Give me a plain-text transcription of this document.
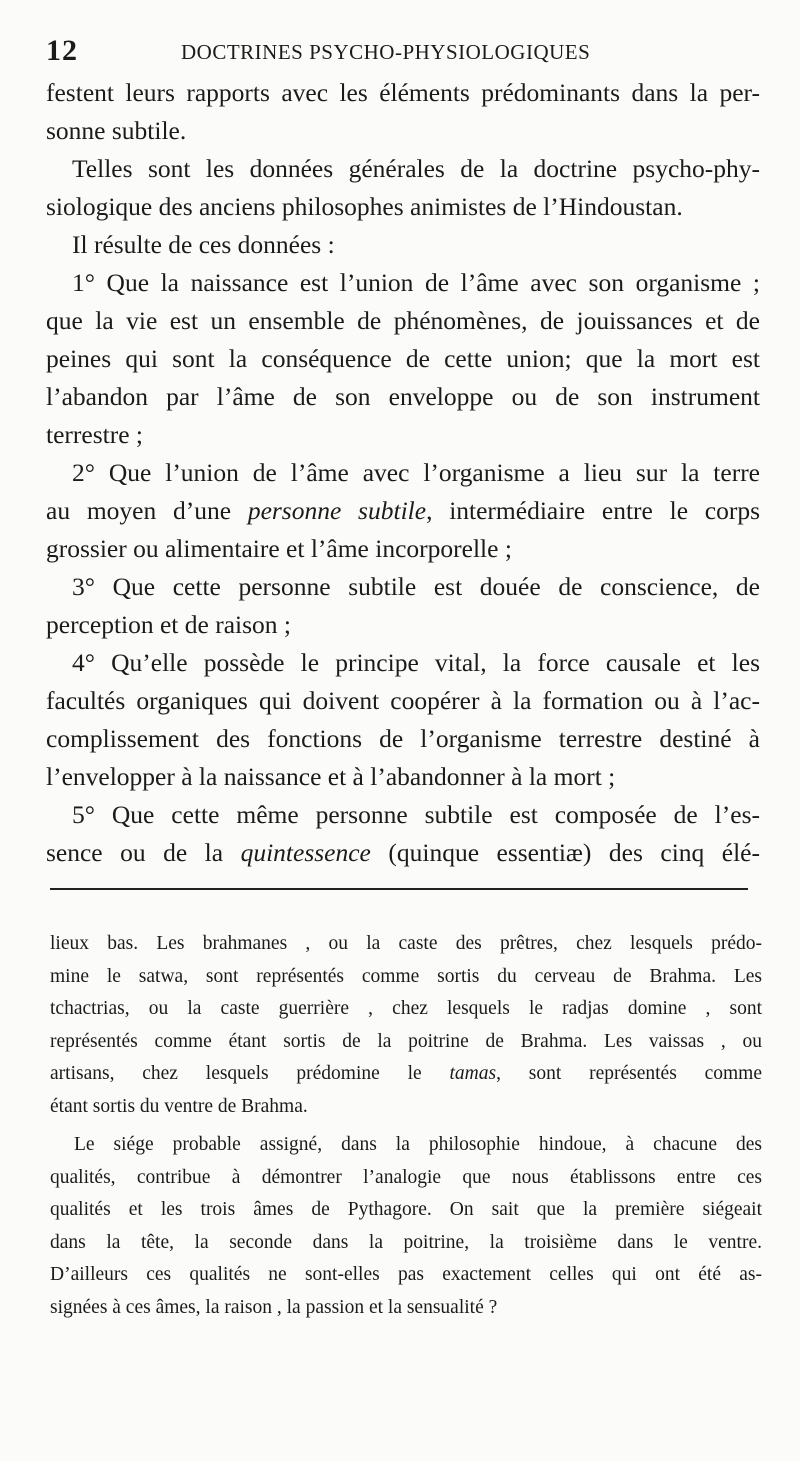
12	DOCTRINES PSYCHO-PHYSIOLOGIQUES
festent leurs rapports avec les éléments prédominants dans la per-
sonne subtile.
Telles sont les données générales de la doctrine psycho-phy-
siologique des anciens philosophes animistes de l’Hindoustan.
Il résulte de ces données :
1° Que la naissance est l’union de l’âme avec son organisme ;
que la vie est un ensemble de phénomènes, de jouissances et de
peines qui sont la conséquence de cette union; que la mort est
l’abandon par l’âme de son enveloppe ou de son instrument
terrestre ;
2° Que l’union de l’âme avec l’organisme a lieu sur la terre
au moyen d’une personne subtile, intermédiaire entre le corps
grossier ou alimentaire et l’âme incorporelle ;
3° Que cette personne subtile est douée de conscience, de
perception et de raison ;
4° Qu’elle possède le principe vital, la force causale et les
facultés organiques qui doivent coopérer à la formation ou à l’ac-
complissement des fonctions de l’organisme terrestre destiné à
l’envelopper à la naissance et à l’abandonner à la mort ;
5° Que cette même personne subtile est composée de l’es-
sence ou de la quintessence (quinque essentiæ) des cinq élé-
lieux bas. Les brahmanes , ou la caste des prêtres, chez lesquels prédo-
mine le satwa, sont représentés comme sortis du cerveau de Brahma. Les
tchactrias, ou la caste guerrière , chez lesquels le radjas domine , sont
représentés comme étant sortis de la poitrine de Brahma. Les vaissas , ou
artisans, chez lesquels prédomine le tamas, sont représentés comme
étant sortis du ventre de Brahma.
Le siége probable assigné, dans la philosophie hindoue, à chacune des
qualités, contribue à démontrer l’analogie que nous établissons entre ces
qualités et les trois âmes de Pythagore. On sait que la première siégeait
dans la tête, la seconde dans la poitrine, la troisième dans le ventre.
D’ailleurs ces qualités ne sont-elles pas exactement celles qui ont été as-
signées à ces âmes, la raison , la passion et la sensualité ?
